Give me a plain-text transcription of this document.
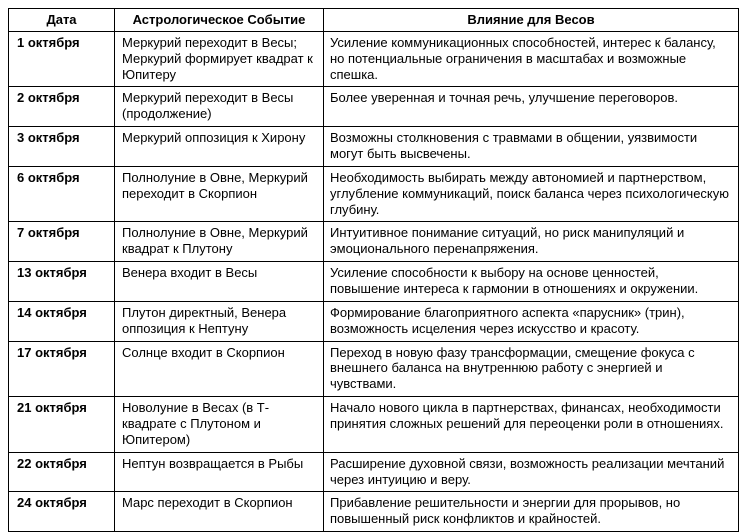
Дата	Астрологическое Событие	Влияние для Весов
1 октября	Меркурий переходит в Весы; Меркурий формирует квадрат к Юпитеру	Усиление коммуникационных способностей, интерес к балансу, но потенциальные ограничения в масштабах и возможные спешка.
2 октября	Меркурий переходит в Весы (продолжение)	Более уверенная и точная речь, улучшение переговоров.
3 октября	Меркурий оппозиция к Хирону	Возможны столкновения с травмами в общении, уязвимости могут быть высвечены.
6 октября	Полнолуние в Овне, Меркурий переходит в Скорпион	Необходимость выбирать между автономией и партнерством, углубление коммуникаций, поиск баланса через психологическую глубину.
7 октября	Полнолуние в Овне, Меркурий квадрат к Плутону	Интуитивное понимание ситуаций, но риск манипуляций и эмоционального перенапряжения.
13 октября	Венера входит в Весы	Усиление способности к выбору на основе ценностей, повышение интереса к гармонии в отношениях и окружении.
14 октября	Плутон директный, Венера оппозиция к Нептуну	Формирование благоприятного аспекта «парусник» (трин), возможность исцеления через искусство и красоту.
17 октября	Солнце входит в Скорпион	Переход в новую фазу трансформации, смещение фокуса с внешнего баланса на внутреннюю работу с энергией и чувствами.
21 октября	Новолуние в Весах (в Т-квадрате с Плутоном и Юпитером)	Начало нового цикла в партнерствах, финансах, необходимости принятия сложных решений для переоценки роли в отношениях.
22 октября	Нептун возвращается в Рыбы	Расширение духовной связи, возможность реализации мечтаний через интуицию и веру.
24 октября	Марс переходит в Скорпион	Прибавление решительности и энергии для прорывов, но повышенный риск конфликтов и крайностей.
